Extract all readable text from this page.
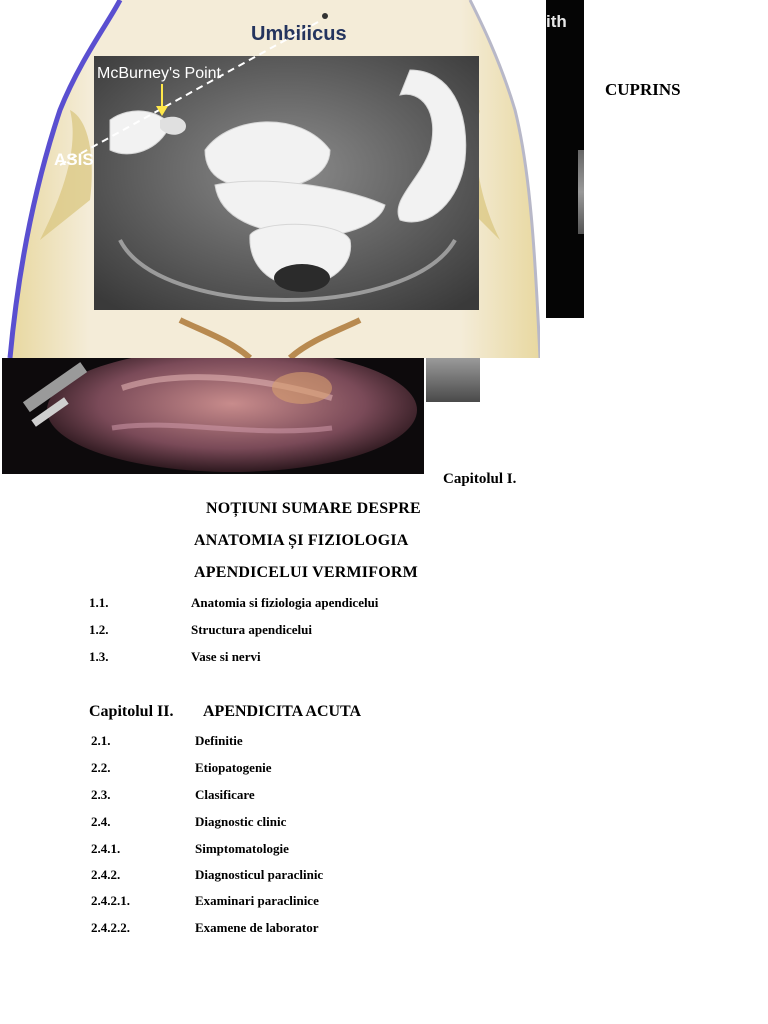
Umbilicus
McBurney's Point
ASIS
ith
CUPRINS
Capitolul I.
NOȚIUNI SUMARE DESPRE
ANATOMIA ȘI FIZIOLOGIA
APENDICELUI VERMIFORM
1.1.	Anatomia si fiziologia apendicelui
1.2.	Structura apendicelui
1.3.	Vase si nervi
Capitolul II. APENDICITA ACUTA
2.1.	Definitie
2.2.	Etiopatogenie
2.3.	Clasificare
2.4.	Diagnostic clinic
2.4.1.	Simptomatologie
2.4.2.	Diagnosticul paraclinic
2.4.2.1.	Examinari paraclinice
2.4.2.2.	Examene de laborator
